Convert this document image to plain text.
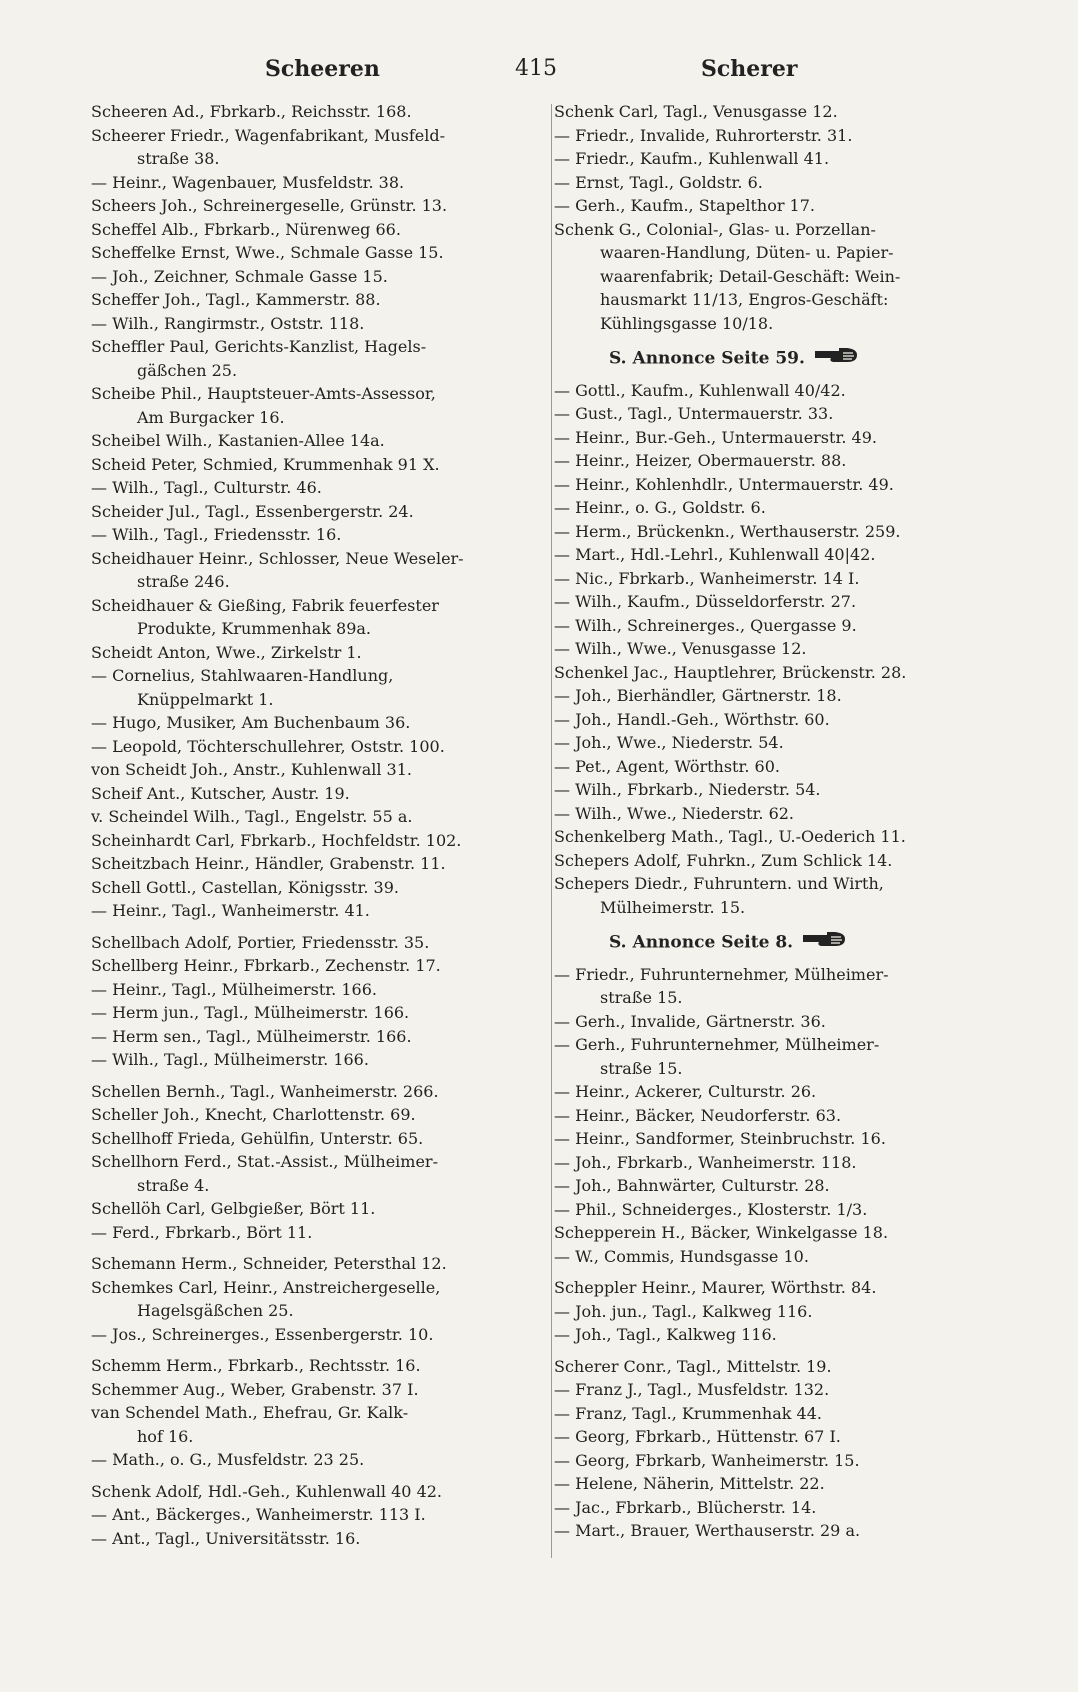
Scheeren	415	Scherer
Scheeren Ad., Fbrkarb., Reichsstr. 168.
Scheerer Friedr., Wagenfabrikant, Musfeld-
straße 38.
— Heinr., Wagenbauer, Musfeldstr. 38.
Scheers Joh., Schreinergeselle, Grünstr. 13.
Scheffel Alb., Fbrkarb., Nürenweg 66.
Scheffelke Ernst, Wwe., Schmale Gasse 15.
— Joh., Zeichner, Schmale Gasse 15.
Scheffer Joh., Tagl., Kammerstr. 88.
— Wilh., Rangirmstr., Oststr. 118.
Scheffler Paul, Gerichts-Kanzlist, Hagels-
gäßchen 25.
Scheibe Phil., Hauptsteuer-Amts-Assessor,
Am Burgacker 16.
Scheibel Wilh., Kastanien-Allee 14a.
Scheid Peter, Schmied, Krummenhak 91 X.
— Wilh., Tagl., Culturstr. 46.
Scheider Jul., Tagl., Essenbergerstr. 24.
— Wilh., Tagl., Friedensstr. 16.
Scheidhauer Heinr., Schlosser, Neue Weseler-
straße 246.
Scheidhauer & Gießing, Fabrik feuerfester
Produkte, Krummenhak 89a.
Scheidt Anton, Wwe., Zirkelstr 1.
— Cornelius, Stahlwaaren-Handlung,
Knüppelmarkt 1.
— Hugo, Musiker, Am Buchenbaum 36.
— Leopold, Töchterschullehrer, Oststr. 100.
von Scheidt Joh., Anstr., Kuhlenwall 31.
Scheif Ant., Kutscher, Austr. 19.
v. Scheindel Wilh., Tagl., Engelstr. 55 a.
Scheinhardt Carl, Fbrkarb., Hochfeldstr. 102.
Scheitzbach Heinr., Händler, Grabenstr. 11.
Schell Gottl., Castellan, Königsstr. 39.
— Heinr., Tagl., Wanheimerstr. 41.
Schellbach Adolf, Portier, Friedensstr. 35.
Schellberg Heinr., Fbrkarb., Zechenstr. 17.
— Heinr., Tagl., Mülheimerstr. 166.
— Herm jun., Tagl., Mülheimerstr. 166.
— Herm sen., Tagl., Mülheimerstr. 166.
— Wilh., Tagl., Mülheimerstr. 166.
Schellen Bernh., Tagl., Wanheimerstr. 266.
Scheller Joh., Knecht, Charlottenstr. 69.
Schellhoff Frieda, Gehülfin, Unterstr. 65.
Schellhorn Ferd., Stat.-Assist., Mülheimer-
straße 4.
Schellöh Carl, Gelbgießer, Bört 11.
— Ferd., Fbrkarb., Bört 11.
Schemann Herm., Schneider, Petersthal 12.
Schemkes Carl, Heinr., Anstreichergeselle,
Hagelsgäßchen 25.
— Jos., Schreinerges., Essenbergerstr. 10.
Schemm Herm., Fbrkarb., Rechtsstr. 16.
Schemmer Aug., Weber, Grabenstr. 37 I.
van Schendel Math., Ehefrau, Gr. Kalk-
hof 16.
— Math., o. G., Musfeldstr. 23 25.
Schenk Adolf, Hdl.-Geh., Kuhlenwall 40 42.
— Ant., Bäckerges., Wanheimerstr. 113 I.
— Ant., Tagl., Universitätsstr. 16.
Schenk Carl, Tagl., Venusgasse 12.
— Friedr., Invalide, Ruhrorterstr. 31.
— Friedr., Kaufm., Kuhlenwall 41.
— Ernst, Tagl., Goldstr. 6.
— Gerh., Kaufm., Stapelthor 17.
Schenk G., Colonial-, Glas- u. Porzellan-
waaren-Handlung, Düten- u. Papier-
waarenfabrik; Detail-Geschäft: Wein-
hausmarkt 11/13, Engros-Geschäft:
Kühlingsgasse 10/18.
S. Annonce Seite 59.
— Gottl., Kaufm., Kuhlenwall 40/42.
— Gust., Tagl., Untermauerstr. 33.
— Heinr., Bur.-Geh., Untermauerstr. 49.
— Heinr., Heizer, Obermauerstr. 88.
— Heinr., Kohlenhdlr., Untermauerstr. 49.
— Heinr., o. G., Goldstr. 6.
— Herm., Brückenkn., Werthauserstr. 259.
— Mart., Hdl.-Lehrl., Kuhlenwall 40|42.
— Nic., Fbrkarb., Wanheimerstr. 14 I.
— Wilh., Kaufm., Düsseldorferstr. 27.
— Wilh., Schreinerges., Quergasse 9.
— Wilh., Wwe., Venusgasse 12.
Schenkel Jac., Hauptlehrer, Brückenstr. 28.
— Joh., Bierhändler, Gärtnerstr. 18.
— Joh., Handl.-Geh., Wörthstr. 60.
— Joh., Wwe., Niederstr. 54.
— Pet., Agent, Wörthstr. 60.
— Wilh., Fbrkarb., Niederstr. 54.
— Wilh., Wwe., Niederstr. 62.
Schenkelberg Math., Tagl., U.-Oederich 11.
Schepers Adolf, Fuhrkn., Zum Schlick 14.
Schepers Diedr., Fuhruntern. und Wirth,
Mülheimerstr. 15.
S. Annonce Seite 8.
— Friedr., Fuhrunternehmer, Mülheimer-
straße 15.
— Gerh., Invalide, Gärtnerstr. 36.
— Gerh., Fuhrunternehmer, Mülheimer-
straße 15.
— Heinr., Ackerer, Culturstr. 26.
— Heinr., Bäcker, Neudorferstr. 63.
— Heinr., Sandformer, Steinbruchstr. 16.
— Joh., Fbrkarb., Wanheimerstr. 118.
— Joh., Bahnwärter, Culturstr. 28.
— Phil., Schneiderges., Klosterstr. 1/3.
Schepperein H., Bäcker, Winkelgasse 18.
— W., Commis, Hundsgasse 10.
Scheppler Heinr., Maurer, Wörthstr. 84.
— Joh. jun., Tagl., Kalkweg 116.
— Joh., Tagl., Kalkweg 116.
Scherer Conr., Tagl., Mittelstr. 19.
— Franz J., Tagl., Musfeldstr. 132.
— Franz, Tagl., Krummenhak 44.
— Georg, Fbrkarb., Hüttenstr. 67 I.
— Georg, Fbrkarb, Wanheimerstr. 15.
— Helene, Näherin, Mittelstr. 22.
— Jac., Fbrkarb., Blücherstr. 14.
— Mart., Brauer, Werthauserstr. 29 a.
